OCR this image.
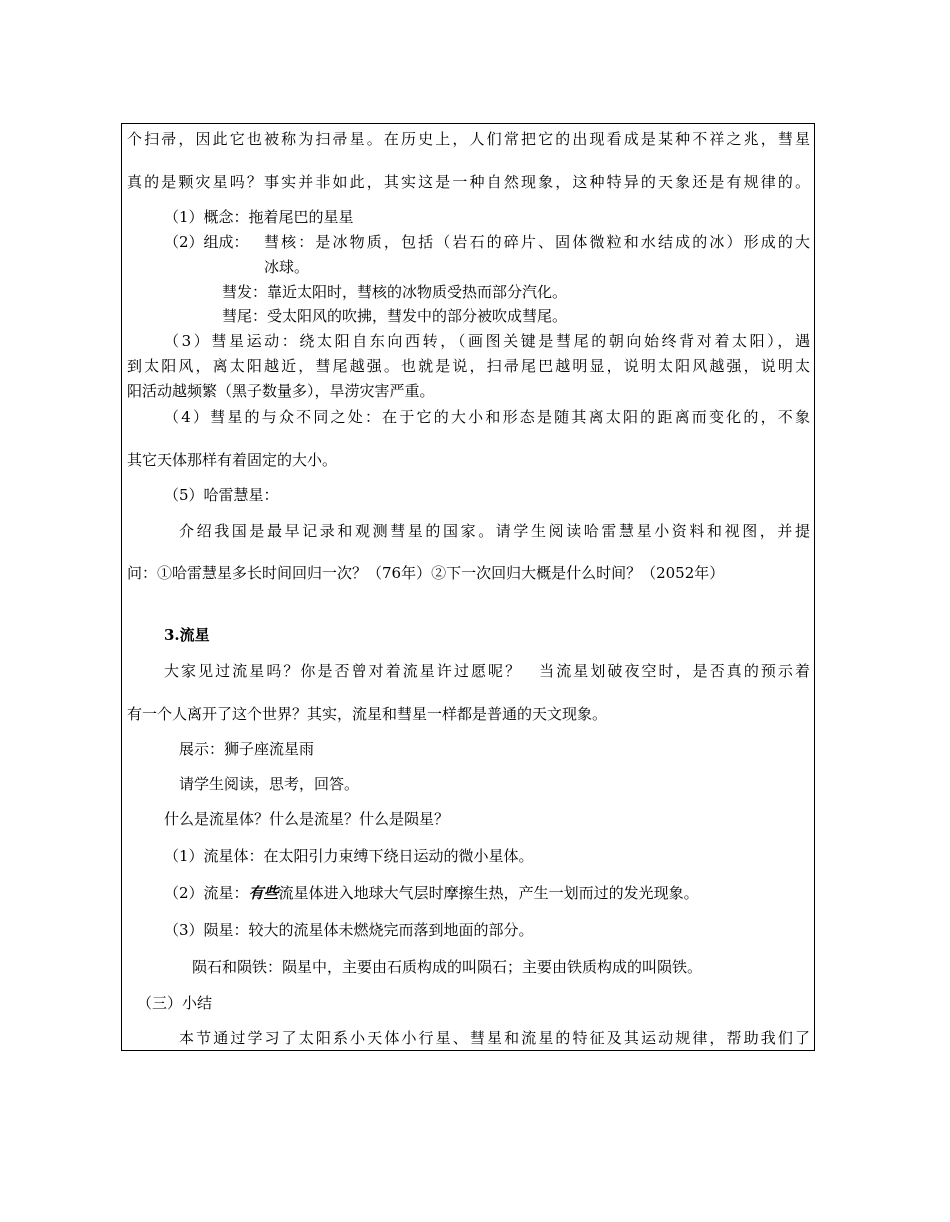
个扫帚，因此它也被称为扫帚星。在历史上，人们常把它的出现看成是某种不祥之兆，彗星
真的是颗灾星吗？事实并非如此，其实这是一种自然现象，这种特异的天象还是有规律的。
（1）概念：拖着尾巴的星星
（2）组成： 彗核：是冰物质，包括（岩石的碎片、固体微粒和水结成的冰）形成的大
冰球。
彗发：靠近太阳时，彗核的冰物质受热而部分汽化。
彗尾：受太阳风的吹拂，彗发中的部分被吹成彗尾。
（3）彗星运动：绕太阳自东向西转，（画图关键是彗尾的朝向始终背对着太阳），遇
到太阳风，离太阳越近，彗尾越强。也就是说，扫帚尾巴越明显，说明太阳风越强，说明太
阳活动越频繁（黑子数量多），旱涝灾害严重。
（4）彗星的与众不同之处：在于它的大小和形态是随其离太阳的距离而变化的，不象
其它天体那样有着固定的大小。
（5）哈雷慧星：
介绍我国是最早记录和观测彗星的国家。请学生阅读哈雷慧星小资料和视图，并提
问：①哈雷慧星多长时间回归一次？（76年）②下一次回归大概是什么时间？（2052年）
3.流星
大家见过流星吗？你是否曾对着流星许过愿呢？　当流星划破夜空时，是否真的预示着
有一个人离开了这个世界？其实，流星和彗星一样都是普通的天文现象。
展示：狮子座流星雨
请学生阅读，思考，回答。
什么是流星体？什么是流星？什么是陨星？
（1）流星体：在太阳引力束缚下绕日运动的微小星体。
（2）流星：有些流星体进入地球大气层时摩擦生热，产生一划而过的发光现象。
（3）陨星：较大的流星体未燃烧完而落到地面的部分。
陨石和陨铁：陨星中，主要由石质构成的叫陨石；主要由铁质构成的叫陨铁。
（三）小结
本节通过学习了太阳系小天体小行星、彗星和流星的特征及其运动规律，帮助我们了
